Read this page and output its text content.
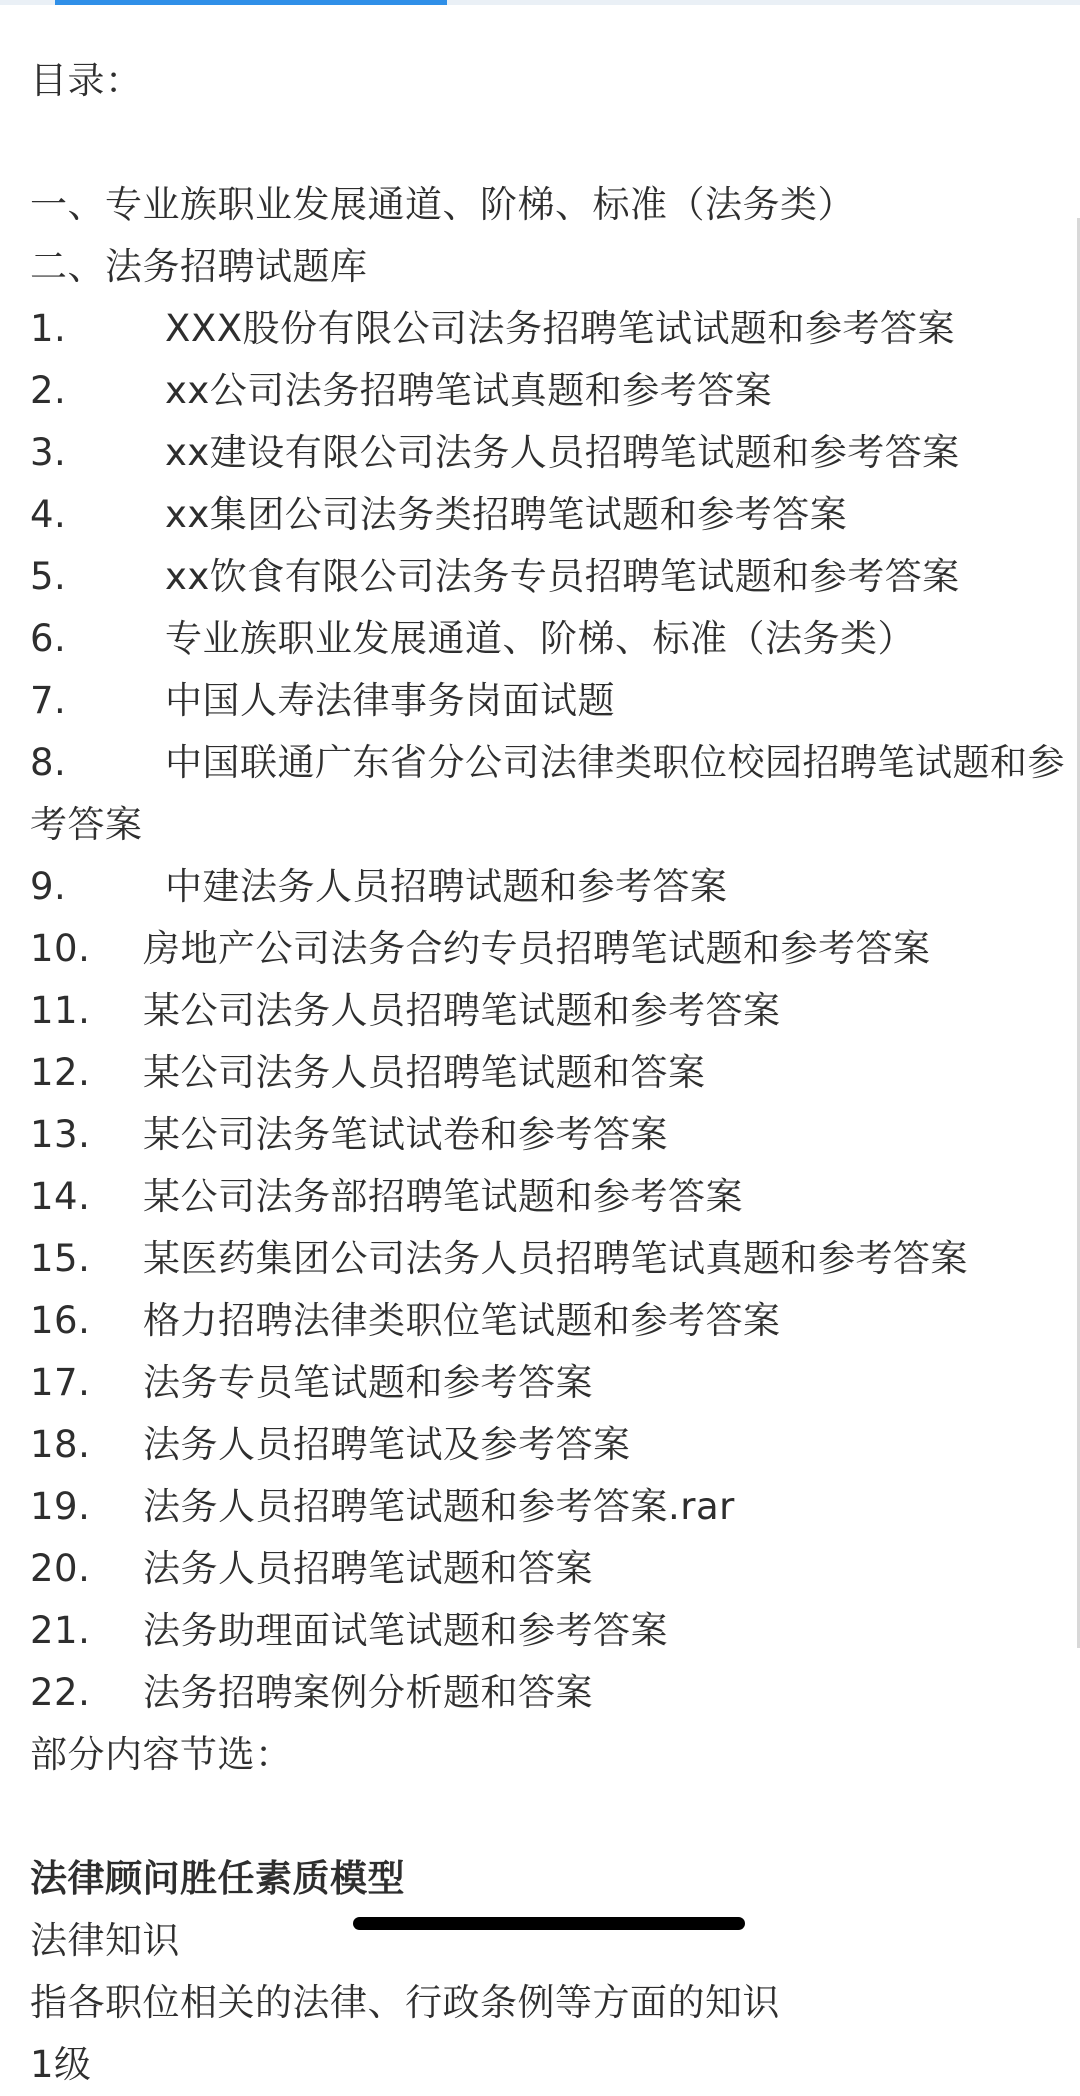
目录：
一、专业族职业发展通道、阶梯、标准（法务类）
二、法务招聘试题库
1.	XXX股份有限公司法务招聘笔试试题和参考答案
2.	xx公司法务招聘笔试真题和参考答案
3.	xx建设有限公司法务人员招聘笔试题和参考答案
4.	xx集团公司法务类招聘笔试题和参考答案
5.	xx饮食有限公司法务专员招聘笔试题和参考答案
6.	专业族职业发展通道、阶梯、标准（法务类）
7.	中国人寿法律事务岗面试题
8.	中国联通广东省分公司法律类职位校园招聘笔试题和参考答案
9.	中建法务人员招聘试题和参考答案
10. 房地产公司法务合约专员招聘笔试题和参考答案
11. 某公司法务人员招聘笔试题和参考答案
12. 某公司法务人员招聘笔试题和答案
13. 某公司法务笔试试卷和参考答案
14. 某公司法务部招聘笔试题和参考答案
15. 某医药集团公司法务人员招聘笔试真题和参考答案
16. 格力招聘法律类职位笔试题和参考答案
17. 法务专员笔试题和参考答案
18. 法务人员招聘笔试及参考答案
19. 法务人员招聘笔试题和参考答案.rar
20. 法务人员招聘笔试题和答案
21. 法务助理面试笔试题和参考答案
22. 法务招聘案例分析题和答案
部分内容节选：
法律顾问胜任素质模型
法律知识
指各职位相关的法律、行政条例等方面的知识
1级
